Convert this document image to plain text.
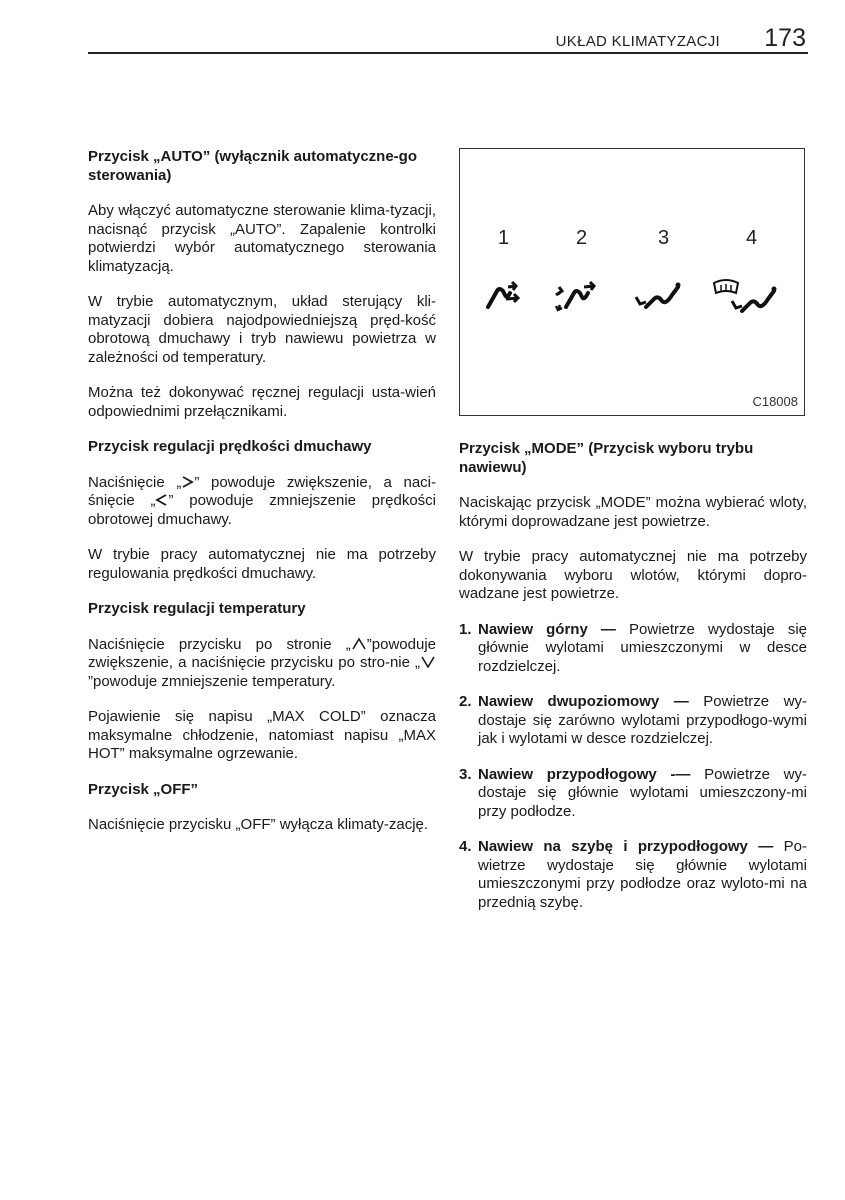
UKŁAD KLIMATYZACJI 173
Przycisk „AUTO” (wyłącznik automatyczne-go sterowania)

Aby włączyć automatyczne sterowanie klima-tyzacji, nacisnąć przycisk „AUTO”. Zapalenie kontrolki potwierdzi wybór automatycznego sterowania klimatyzacją.

W trybie automatycznym, układ sterujący kli-matyzacji dobiera najodpowiedniejszą pręd-kość obrotową dmuchawy i tryb nawiewu powietrza w zależności od temperatury.

Można też dokonywać ręcznej regulacji usta-wień odpowiednimi przełącznikami.

Przycisk regulacji prędkości dmuchawy

Naciśnięcie „ ” powoduje zwiększenie, a naci-śnięcie „ ” powoduje zmniejszenie prędkości obrotowej dmuchawy.

W trybie pracy automatycznej nie ma potrzeby regulowania prędkości dmuchawy.

Przycisk regulacji temperatury

Naciśnięcie przycisku po stronie „ ”powoduje zwiększenie, a naciśnięcie przycisku po stro-nie „”powoduje zmniejszenie temperatury.

Pojawienie się napisu „MAX COLD” oznacza maksymalne chłodzenie, natomiast napisu „MAX HOT” maksymalne ogrzewanie.

Przycisk „OFF”

Naciśnięcie przycisku „OFF” wyłącza klimaty-zację.

1	2	3	4
C18008
Przycisk „MODE” (Przycisk wyboru trybu nawiewu)

Naciskając przycisk „MODE” można wybierać wloty, którymi doprowadzane jest powietrze.

W trybie pracy automatycznej nie ma potrzeby dokonywania wyboru wlotów, którymi dopro-wadzane jest powietrze.

1. Nawiew górny — Powietrze wydostaje się głównie wylotami umieszczonymi w desce rozdzielczej.
2. Nawiew dwupoziomowy — Powietrze wy-dostaje się zarówno wylotami przypodłogo-wymi jak i wylotami w desce rozdzielczej.
3. Nawiew przypodłogowy -— Powietrze wy-dostaje się głównie wylotami umieszczony-mi przy podłodze.
4. Nawiew na szybę i przypodłogowy — Po-wietrze wydostaje się głównie wylotami umieszczonymi przy podłodze oraz wyloto-mi na przednią szybę.
